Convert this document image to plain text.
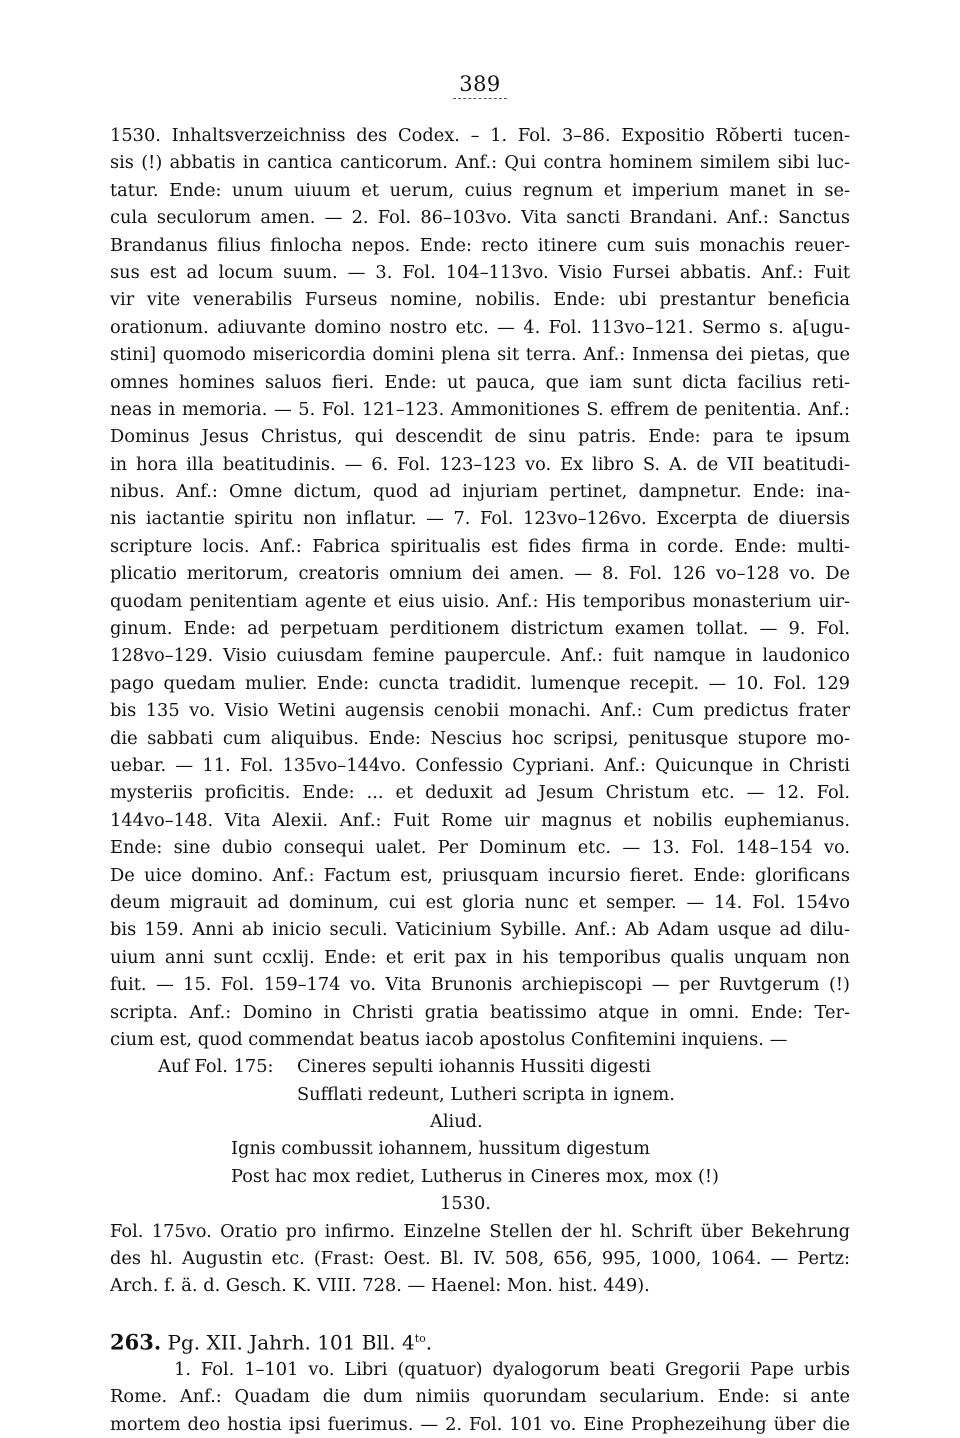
389
1530. Inhaltsverzeichniss des Codex. – 1. Fol. 3–86. Expositio Rŏberti tucen-
sis (!) abbatis in cantica canticorum. Anf.: Qui contra hominem similem sibi luc-
tatur. Ende: unum uiuum et uerum, cuius regnum et imperium manet in se-
cula seculorum amen. — 2. Fol. 86–103vo. Vita sancti Brandani. Anf.: Sanctus
Brandanus filius finlocha nepos. Ende: recto itinere cum suis monachis reuer-
sus est ad locum suum. — 3. Fol. 104–113vo. Visio Fursei abbatis. Anf.: Fuit
vir vite venerabilis Furseus nomine, nobilis. Ende: ubi prestantur beneficia
orationum. adiuvante domino nostro etc. — 4. Fol. 113vo–121. Sermo s. a[ugu-
stini] quomodo misericordia domini plena sit terra. Anf.: Inmensa dei pietas, que
omnes homines saluos fieri. Ende: ut pauca, que iam sunt dicta facilius reti-
neas in memoria. — 5. Fol. 121–123. Ammonitiones S. effrem de penitentia. Anf.:
Dominus Jesus Christus, qui descendit de sinu patris. Ende: para te ipsum
in hora illa beatitudinis. — 6. Fol. 123–123 vo. Ex libro S. A. de VII beatitudi-
nibus. Anf.: Omne dictum, quod ad injuriam pertinet, dampnetur. Ende: ina-
nis iactantie spiritu non inflatur. — 7. Fol. 123vo–126vo. Excerpta de diuersis
scripture locis. Anf.: Fabrica spiritualis est fides firma in corde. Ende: multi-
plicatio meritorum, creatoris omnium dei amen. — 8. Fol. 126 vo–128 vo. De
quodam penitentiam agente et eius uisio. Anf.: His temporibus monasterium uir-
ginum. Ende: ad perpetuam perditionem districtum examen tollat. — 9. Fol.
128vo–129. Visio cuiusdam femine paupercule. Anf.: fuit namque in laudonico
pago quedam mulier. Ende: cuncta tradidit. lumenque recepit. — 10. Fol. 129
bis 135 vo. Visio Wetini augensis cenobii monachi. Anf.: Cum predictus frater
die sabbati cum aliquibus. Ende: Nescius hoc scripsi, penitusque stupore mo-
uebar. — 11. Fol. 135vo–144vo. Confessio Cypriani. Anf.: Quicunque in Christi
mysteriis proficitis. Ende: ... et deduxit ad Jesum Christum etc. — 12. Fol.
144vo–148. Vita Alexii. Anf.: Fuit Rome uir magnus et nobilis euphemianus.
Ende: sine dubio consequi ualet. Per Dominum etc. — 13. Fol. 148–154 vo.
De uice domino. Anf.: Factum est, priusquam incursio fieret. Ende: glorificans
deum migrauit ad dominum, cui est gloria nunc et semper. — 14. Fol. 154vo
bis 159. Anni ab inicio seculi. Vaticinium Sybille. Anf.: Ab Adam usque ad dilu-
uium anni sunt ccxlij. Ende: et erit pax in his temporibus qualis unquam non
fuit. — 15. Fol. 159–174 vo. Vita Brunonis archiepiscopi — per Ruvtgerum (!)
scripta. Anf.: Domino in Christi gratia beatissimo atque in omni. Ende: Ter-
cium est, quod commendat beatus iacob apostolus Confitemini inquiens. —
Auf Fol. 175: Cineres sepulti iohannis Hussiti digesti
Sufflati redeunt, Lutheri scripta in ignem.
Aliud.
Ignis combussit iohannem, hussitum digestum
Post hac mox rediet, Lutherus in Cineres mox, mox (!)
1530.
Fol. 175vo. Oratio pro infirmo. Einzelne Stellen der hl. Schrift über Bekehrung
des hl. Augustin etc. (Frast: Oest. Bl. IV. 508, 656, 995, 1000, 1064. — Pertz:
Arch. f. ä. d. Gesch. K. VIII. 728. — Haenel: Mon. hist. 449).
263. Pg. XII. Jahrh. 101 Bll. $4^{to}$.
1. Fol. 1–101 vo. Libri (quatuor) dyalogorum beati Gregorii Pape urbis
Rome. Anf.: Quadam die dum nimiis quorundam secularium. Ende: si ante
mortem deo hostia ipsi fuerimus. — 2. Fol. 101 vo. Eine Prophezeihung über die
